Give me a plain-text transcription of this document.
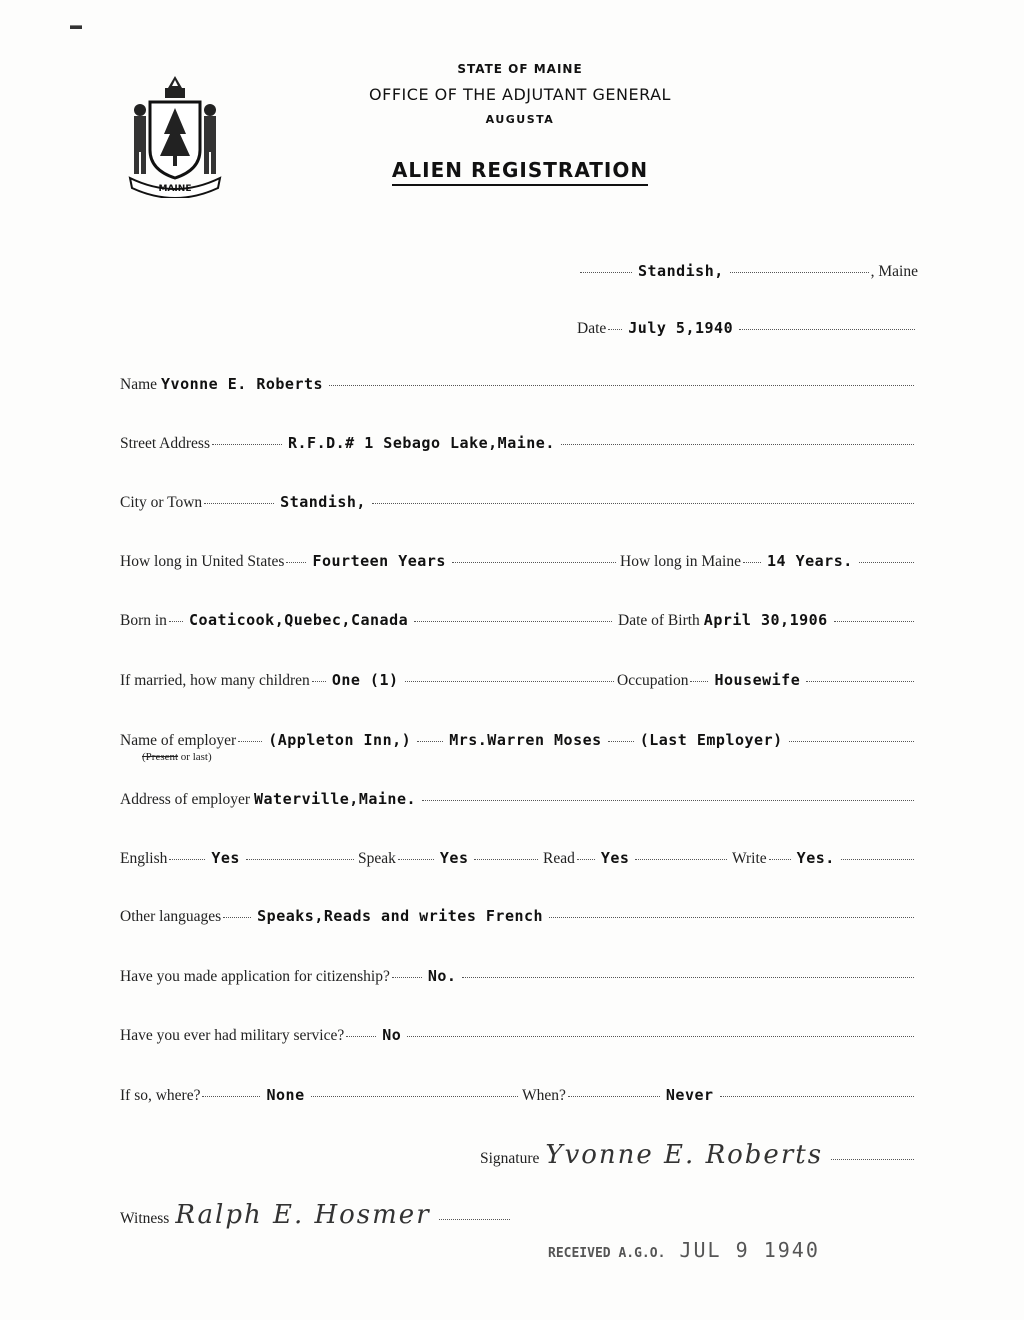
▬
MAINE
STATE OF MAINE
OFFICE OF THE ADJUTANT GENERAL
AUGUSTA
ALIEN REGISTRATION
Standish,	, Maine
Date July 5,1940
Name Yvonne E. Roberts
Street Address	R.F.D.# 1 Sebago Lake,Maine.
City or Town	Standish,
How long in United States Fourteen Years	How long in Maine 14 Years.
Born in Coaticook,Quebec,Canada	Date of Birth April 30,1906
If married, how many children One (1)	Occupation Housewife
Name of employer (Appleton Inn,)	Mrs.Warren Moses	(Last Employer)
(Present or last)
Address of employer Waterville,Maine.
English	Yes	Speak	Yes	Read Yes	Write Yes.
Other languages Speaks,Reads and writes French
Have you made application for citizenship?	No.
Have you ever had military service?	No
If so, where?	None	When?	Never
Signature Yvonne E. Roberts
Witness Ralph E. Hosmer
RECEIVED A.G.O. JUL 9 1940
